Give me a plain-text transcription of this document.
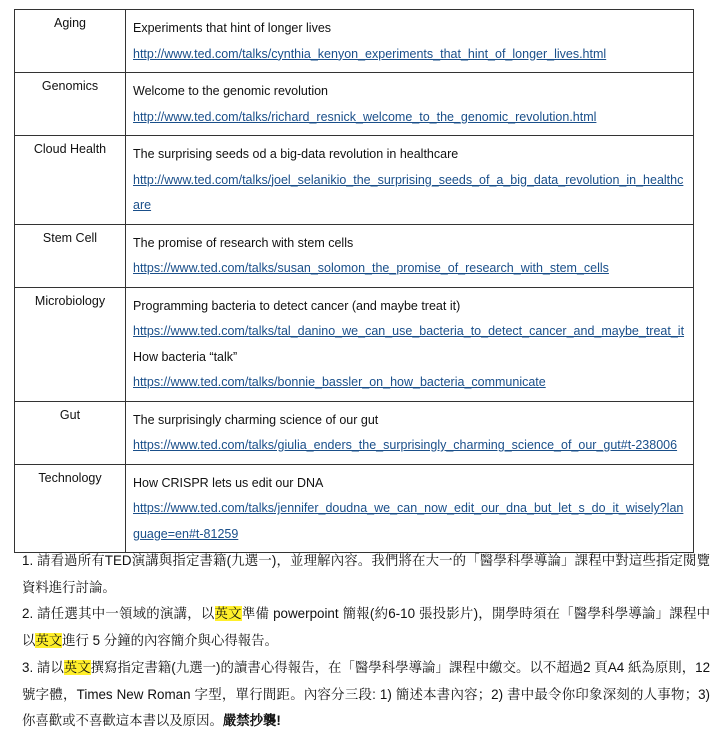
Aging	Experiments that hint of longer lives
http://www.ted.com/talks/cynthia_kenyon_experiments_that_hint_of_longer_lives.html

Genomics	Welcome to the genomic revolution
http://www.ted.com/talks/richard_resnick_welcome_to_the_genomic_revolution.html

Cloud Health	The surprising seeds od a big-data revolution in healthcare
http://www.ted.com/talks/joel_selanikio_the_surprising_seeds_of_a_big_data_revolution_in_healthcare

Stem Cell	The promise of research with stem cells
https://www.ted.com/talks/susan_solomon_the_promise_of_research_with_stem_cells

Microbiology	Programming bacteria to detect cancer (and maybe treat it)
https://www.ted.com/talks/tal_danino_we_can_use_bacteria_to_detect_cancer_and_maybe_treat_it
How bacteria “talk”
https://www.ted.com/talks/bonnie_bassler_on_how_bacteria_communicate

Gut	The surprisingly charming science of our gut
https://www.ted.com/talks/giulia_enders_the_surprisingly_charming_science_of_our_gut#t-238006

Technology	How CRISPR lets us edit our DNA
https://www.ted.com/talks/jennifer_doudna_we_can_now_edit_our_dna_but_let_s_do_it_wisely?language=en#t-81259

1. 請看過所有TED演講與指定書籍(九選一)，並理解內容。我們將在大一的「醫學科學導論」課程中對這些指定閱覽資料進行討論。

2. 請任選其中一領域的演講，以英文準備 powerpoint 簡報(約6-10 張投影片)，開學時須在「醫學科學導論」課程中以英文進行 5 分鐘的內容簡介與心得報告。

3. 請以英文撰寫指定書籍(九選一)的讀書心得報告，在「醫學科學導論」課程中繳交。以不超過2 頁A4 紙為原則，12 號字體，Times New Roman 字型，單行間距。內容分三段: 1) 簡述本書內容；2) 書中最令你印象深刻的人事物；3)你喜歡或不喜歡這本書以及原因。嚴禁抄襲!
